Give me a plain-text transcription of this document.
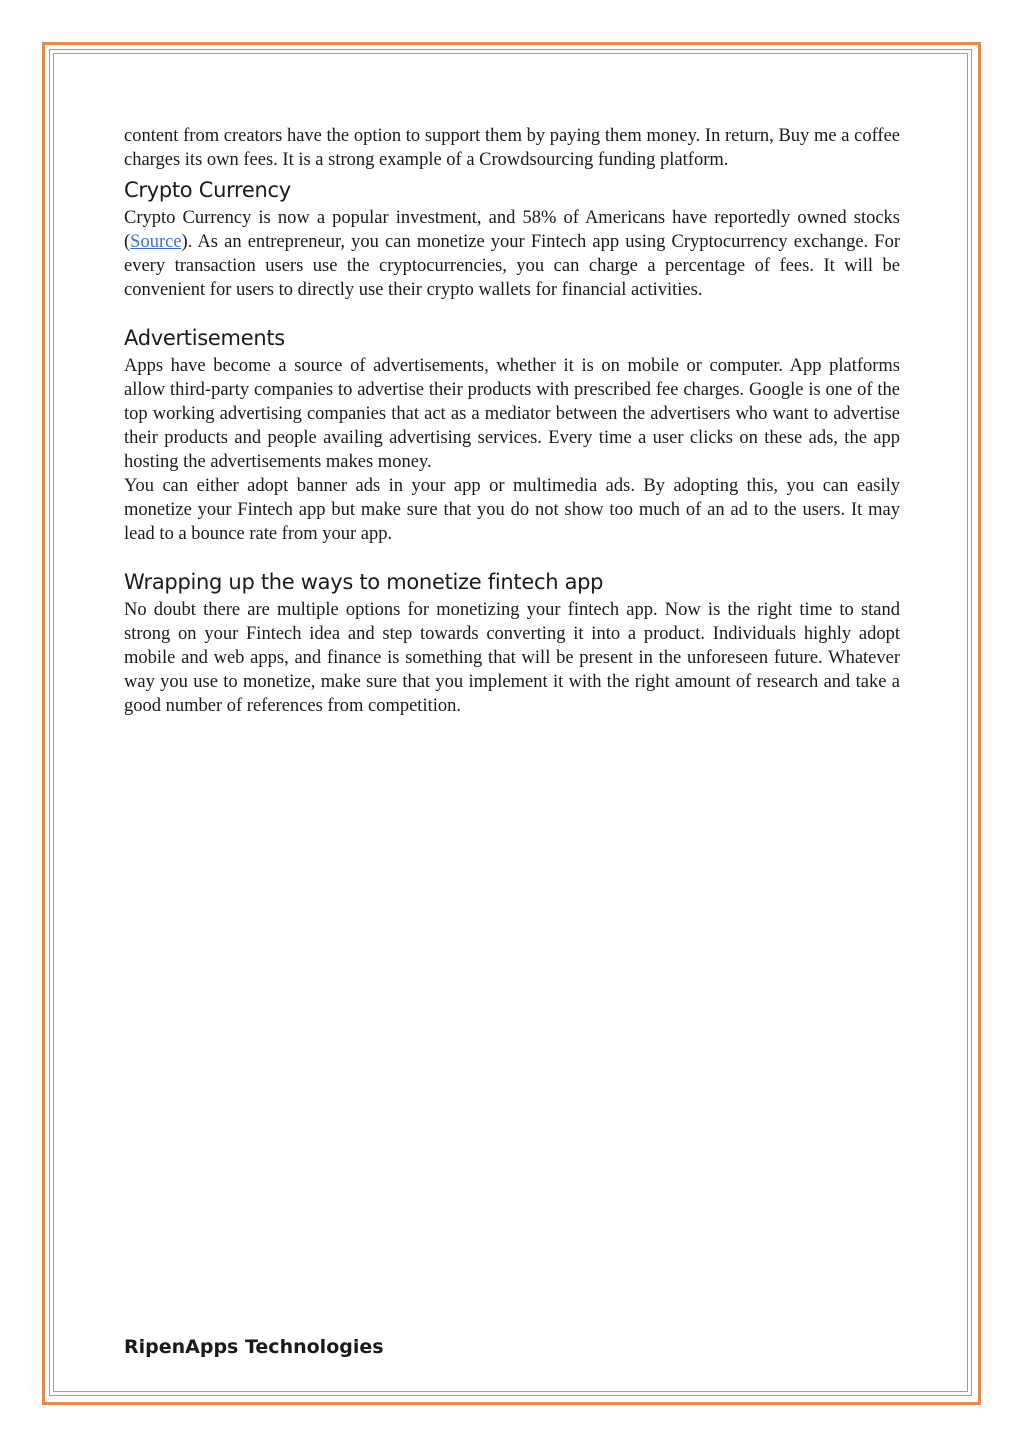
content from creators have the option to support them by paying them money. In return, Buy me a coffee charges its own fees. It is a strong example of a Crowdsourcing funding platform.

Crypto Currency

Crypto Currency is now a popular investment, and 58% of Americans have reportedly owned stocks (Source). As an entrepreneur, you can monetize your Fintech app using Cryptocurrency exchange. For every transaction users use the cryptocurrencies, you can charge a percentage of fees. It will be convenient for users to directly use their crypto wallets for financial activities.

Advertisements

Apps have become a source of advertisements, whether it is on mobile or computer. App platforms allow third-party companies to advertise their products with prescribed fee charges. Google is one of the top working advertising companies that act as a mediator between the advertisers who want to advertise their products and people availing advertising services. Every time a user clicks on these ads, the app hosting the advertisements makes money.

You can either adopt banner ads in your app or multimedia ads. By adopting this, you can easily monetize your Fintech app but make sure that you do not show too much of an ad to the users. It may lead to a bounce rate from your app.

Wrapping up the ways to monetize fintech app

No doubt there are multiple options for monetizing your fintech app. Now is the right time to stand strong on your Fintech idea and step towards converting it into a product. Individuals highly adopt mobile and web apps, and finance is something that will be present in the unforeseen future. Whatever way you use to monetize, make sure that you implement it with the right amount of research and take a good number of references from competition.

RipenApps Technologies
